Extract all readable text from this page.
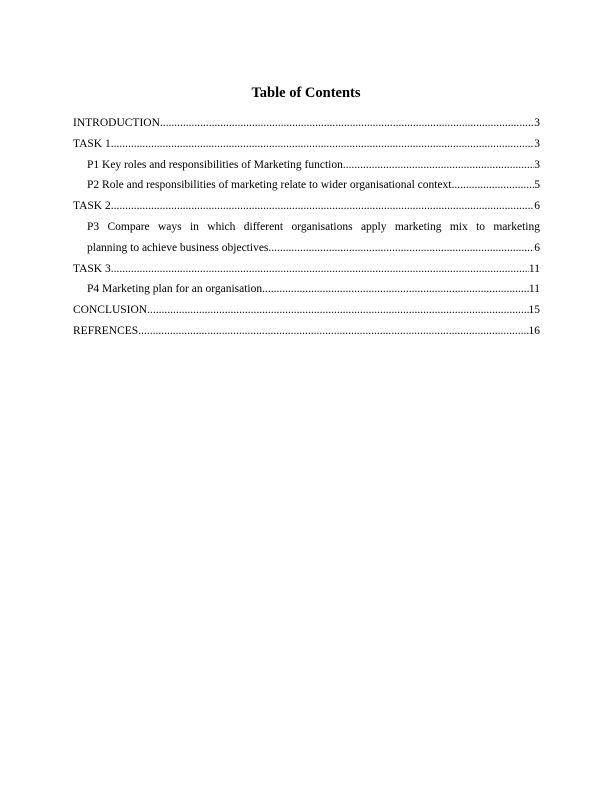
Table of Contents
INTRODUCTION .....	3
TASK 1 .....	3
P1 Key roles and responsibilities of Marketing function .....	3
P2 Role and responsibilities of marketing relate to wider organisational context .....	5
TASK 2 .....	6
P3 Compare ways in which different organisations apply marketing mix to marketing
planning to achieve business objectives .....	6
TASK 3 .....	11
P4 Marketing plan for an organisation .....	11
CONCLUSION .....	15
REFRENCES .....	16
